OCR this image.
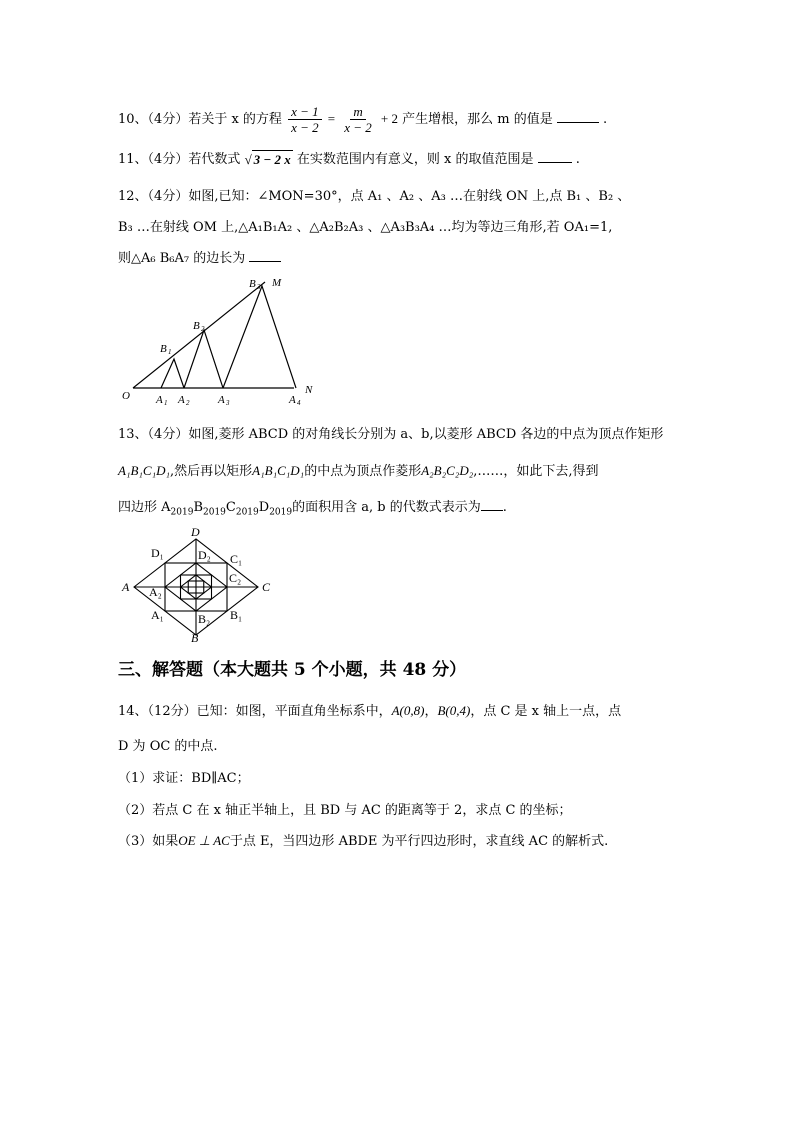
10、（4分）若关于 x 的方程 $\frac{x - 1}{x - 2} = \frac{m}{x - 2} + 2$ 产生增根，那么 m 的值是	.
11、（4分）若代数式 √ 3 − 2 x 在实数范围内有意义，则 x 的取值范围是	.
12、（4分）如图,已知：∠MON=30°，点 A₁ 、A₂ 、A₃ …在射线 ON 上,点 B₁ 、B₂ 、
B₃ …在射线 OM 上,△A₁B₁A₂ 、△A₂B₂A₃ 、△A₃B₃A₄ …均为等边三角形,若 OA₁=1,
则△A₆ B₆A₇ 的边长为
O	N
M
A 1 A 2	A 3	A 4
B 1
B 2
B 3
13、（4分）如图,菱形 ABCD 的对角线长分别为 a、b,以菱形 ABCD 各边的中点为顶点作矩形
A₁B₁C₁D₁,然后再以矩形A₁B₁C₁D₁的中点为顶点作菱形A₂B₂C₂D₂,……，如此下去,得到
四边形 $A_{2019}B_{2019}C_{2019}D_{2019}$的面积用含 a, b 的代数式表示为 .
A	C
D
B
D₁	C₁
B₁
A₁
D₂
C₂
B₂
A₂
三、解答题（本大题共 5 个小题，共 48 分）
14、（12分）已知：如图，平面直角坐标系中，A(0,8)，B(0,4)，点 C 是 x 轴上一点，点
D 为 OC 的中点.
（1）求证：BD∥AC；
（2）若点 C 在 x 轴正半轴上，且 BD 与 AC 的距离等于 2，求点 C 的坐标；
（3）如果OE ⊥ AC于点 E，当四边形 ABDE 为平行四边形时，求直线 AC 的解析式.
